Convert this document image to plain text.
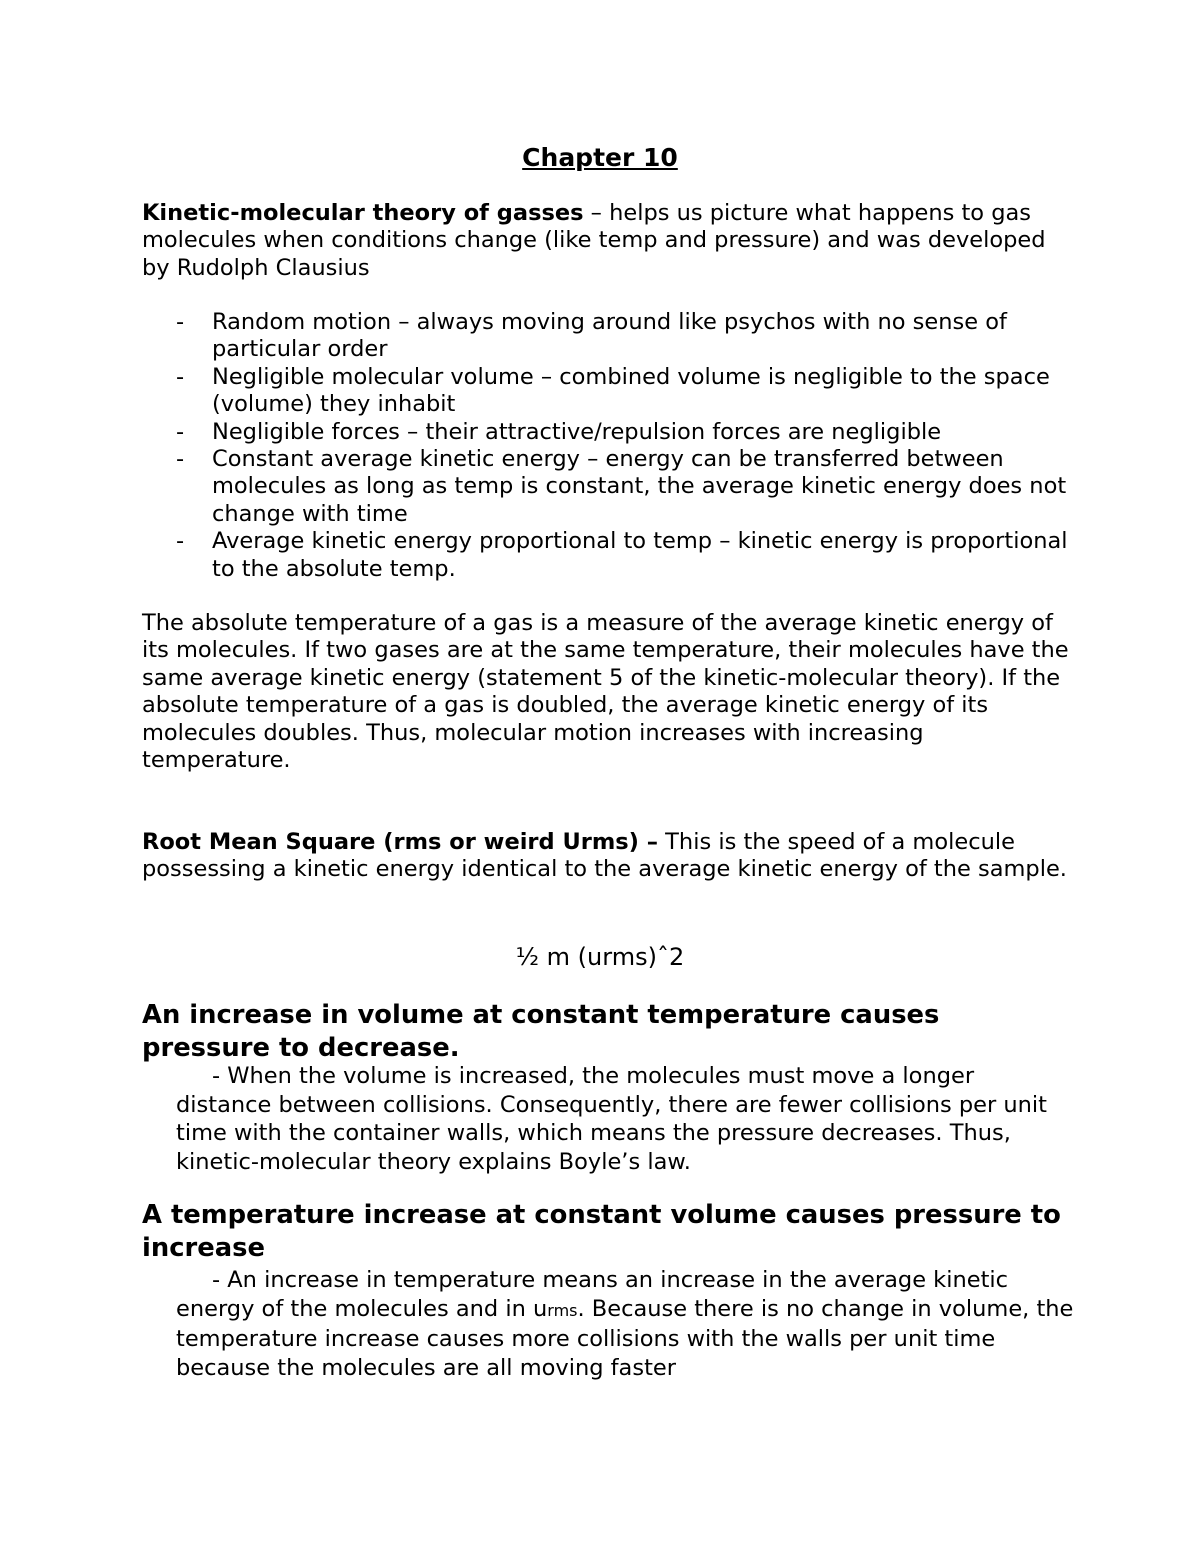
Chapter 10
Kinetic-molecular theory of gasses – helps us picture what happens to gas molecules when conditions change (like temp and pressure) and was developed by Rudolph Clausius
- Random motion – always moving around like psychos with no sense of particular order
- Negligible molecular volume – combined volume is negligible to the space (volume) they inhabit
- Negligible forces – their attractive/repulsion forces are negligible
- Constant average kinetic energy – energy can be transferred between molecules as long as temp is constant, the average kinetic energy does not change with time
- Average kinetic energy proportional to temp – kinetic energy is proportional to the absolute temp.
The absolute temperature of a gas is a measure of the average kinetic energy of its molecules. If two gases are at the same temperature, their molecules have the same average kinetic energy (statement 5 of the kinetic-molecular theory). If the absolute temperature of a gas is doubled, the average kinetic energy of its molecules doubles. Thus, molecular motion increases with increasing temperature.
Root Mean Square (rms or weird Urms) – This is the speed of a molecule possessing a kinetic energy identical to the average kinetic energy of the sample.
½ m (urms)ˆ2
An increase in volume at constant temperature causes pressure to decrease.
- When the volume is increased, the molecules must move a longer distance between collisions. Consequently, there are fewer collisions per unit time with the container walls, which means the pressure decreases. Thus, kinetic-molecular theory explains Boyle’s law.
A temperature increase at constant volume causes pressure to increase
- An increase in temperature means an increase in the average kinetic energy of the molecules and in urms. Because there is no change in volume, the temperature increase causes more collisions with the walls per unit time because the molecules are all moving faster
